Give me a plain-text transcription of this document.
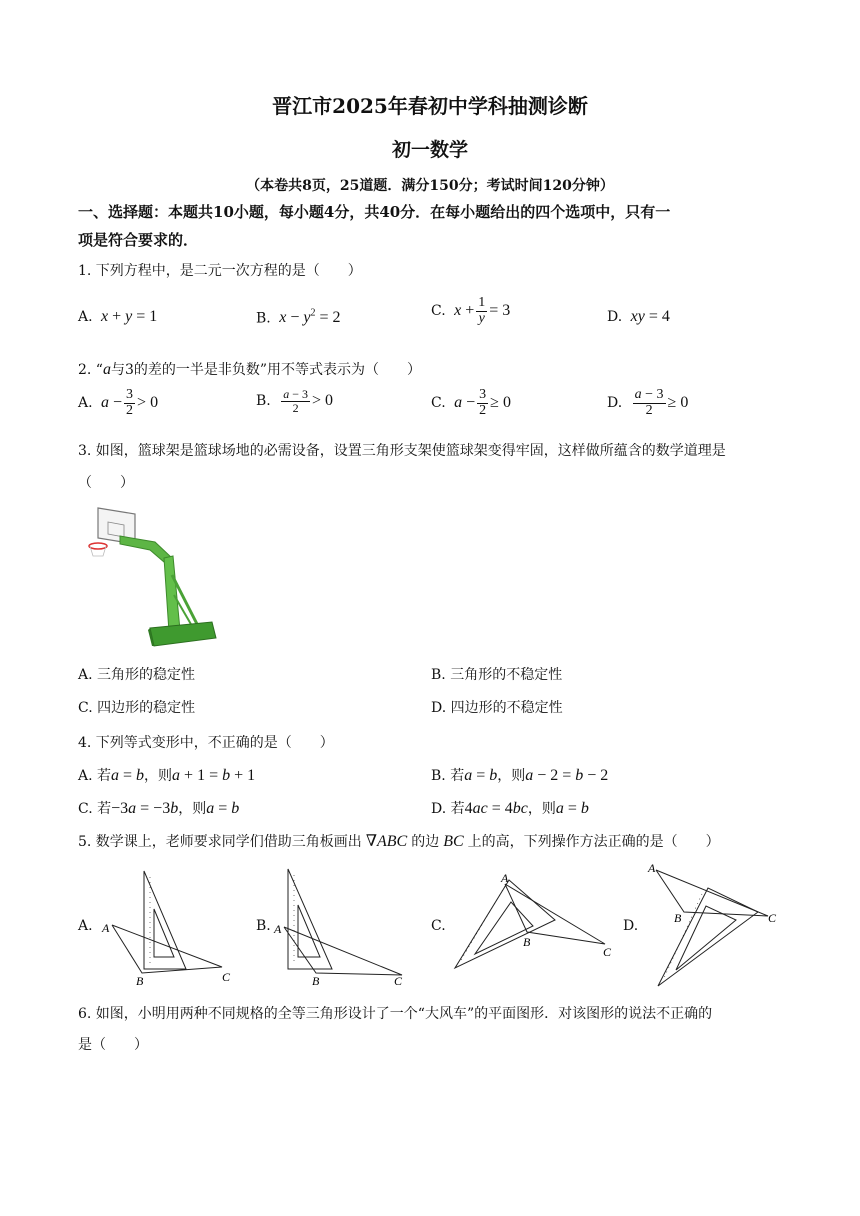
晋江市2025年春初中学科抽测诊断
初一数学
（本卷共8页，25道题．满分150分；考试时间120分钟）
一、选择题：本题共10小题，每小题4分，共40分．在每小题给出的四个选项中，只有一
项是符合要求的．
1. 下列方程中，是二元一次方程的是（　　）
A. x + y = 1	B. $x - y^2 = 2$	C. $x + \frac{1}{y} = 3$	D. xy = 4
2. “a与3的差的一半是非负数”用不等式表示为（　　）
A. $a - \frac{3}{2} > 0$	B. $\frac{a - 3}{2} > 0$	C. $a - \frac{3}{2} \ge 0$	D. $\frac{a - 3}{2} \ge 0$
3. 如图，篮球架是篮球场地的必需设备，设置三角形支架使篮球架变得牢固，这样做所蕴含的数学道理是
（　　）
A. 三角形的稳定性	B. 三角形的不稳定性
C. 四边形的稳定性	D. 四边形的不稳定性
4. 下列等式变形中，不正确的是（　　）
A. 若a = b，则a + 1 = b + 1	B. 若a = b，则a − 2 = b − 2
C. 若−3a = −3b，则a = b	D. 若4ac = 4bc，则a = b
5. 数学课上，老师要求同学们借助三角板画出 ∇ABC 的边 BC 上的高，下列操作方法正确的是（　　）
A.	B.	C.	D.
A
B	C
A
B	C
A
B
C
A
B	C
6. 如图，小明用两种不同规格的全等三角形设计了一个“大风车”的平面图形．对该图形的说法不正确的
是（　　）
